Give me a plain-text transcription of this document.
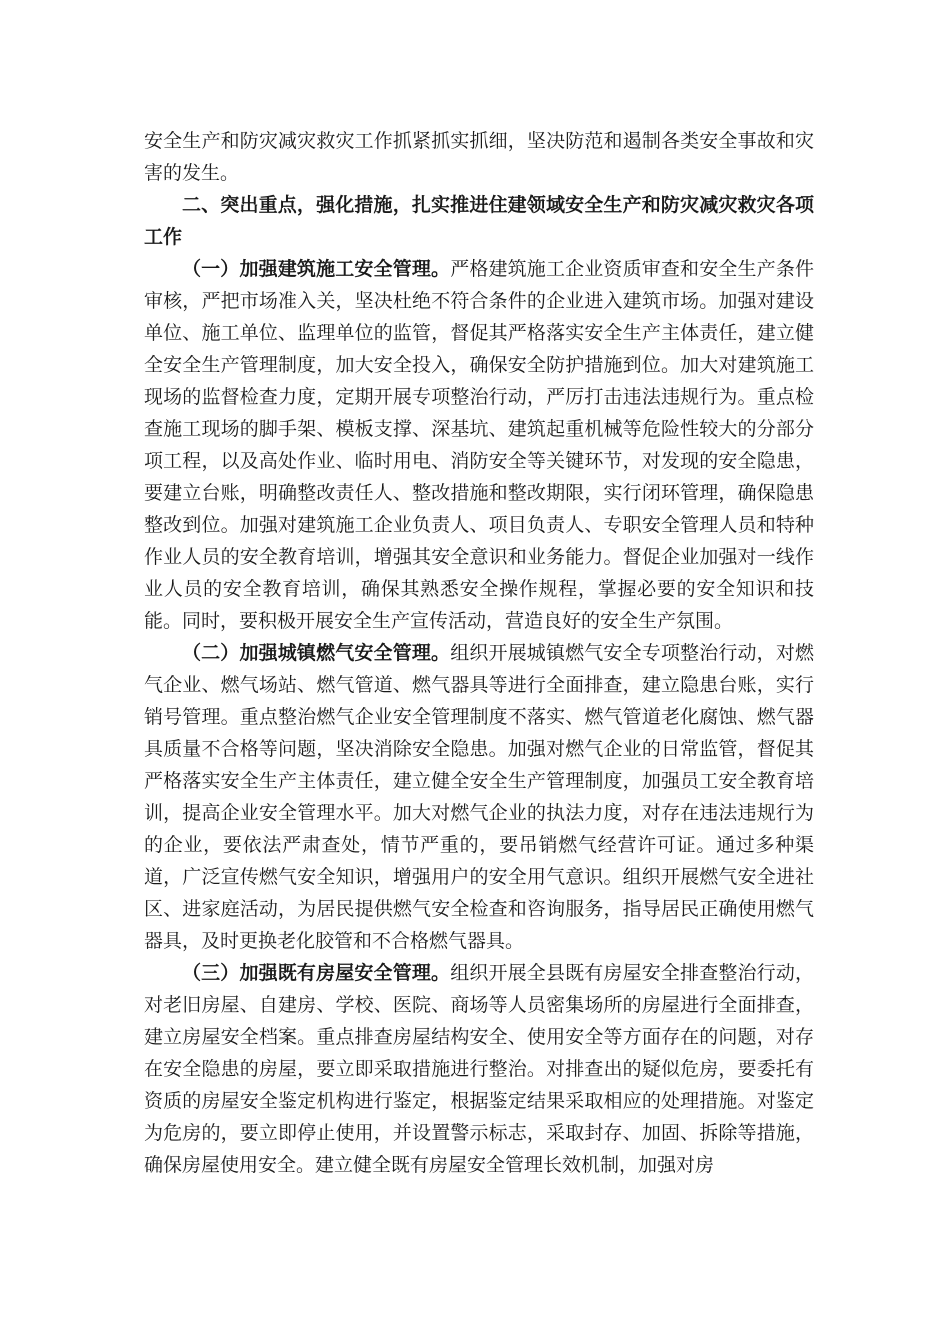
安全生产和防灾减灾救灾工作抓紧抓实抓细，坚决防范和遏制各类安全事故和灾害的发生。

二、突出重点，强化措施，扎实推进住建领域安全生产和防灾减灾救灾各项工作

（一）加强建筑施工安全管理。严格建筑施工企业资质审查和安全生产条件审核，严把市场准入关，坚决杜绝不符合条件的企业进入建筑市场。加强对建设单位、施工单位、监理单位的监管，督促其严格落实安全生产主体责任，建立健全安全生产管理制度，加大安全投入，确保安全防护措施到位。加大对建筑施工现场的监督检查力度，定期开展专项整治行动，严厉打击违法违规行为。重点检查施工现场的脚手架、模板支撑、深基坑、建筑起重机械等危险性较大的分部分项工程，以及高处作业、临时用电、消防安全等关键环节，对发现的安全隐患，要建立台账，明确整改责任人、整改措施和整改期限，实行闭环管理，确保隐患整改到位。加强对建筑施工企业负责人、项目负责人、专职安全管理人员和特种作业人员的安全教育培训，增强其安全意识和业务能力。督促企业加强对一线作业人员的安全教育培训，确保其熟悉安全操作规程，掌握必要的安全知识和技能。同时，要积极开展安全生产宣传活动，营造良好的安全生产氛围。

（二）加强城镇燃气安全管理。组织开展城镇燃气安全专项整治行动，对燃气企业、燃气场站、燃气管道、燃气器具等进行全面排查，建立隐患台账，实行销号管理。重点整治燃气企业安全管理制度不落实、燃气管道老化腐蚀、燃气器具质量不合格等问题，坚决消除安全隐患。加强对燃气企业的日常监管，督促其严格落实安全生产主体责任，建立健全安全生产管理制度，加强员工安全教育培训，提高企业安全管理水平。加大对燃气企业的执法力度，对存在违法违规行为的企业，要依法严肃查处，情节严重的，要吊销燃气经营许可证。通过多种渠道，广泛宣传燃气安全知识，增强用户的安全用气意识。组织开展燃气安全进社区、进家庭活动，为居民提供燃气安全检查和咨询服务，指导居民正确使用燃气器具，及时更换老化胶管和不合格燃气器具。

（三）加强既有房屋安全管理。组织开展全县既有房屋安全排查整治行动，对老旧房屋、自建房、学校、医院、商场等人员密集场所的房屋进行全面排查，建立房屋安全档案。重点排查房屋结构安全、使用安全等方面存在的问题，对存在安全隐患的房屋，要立即采取措施进行整治。对排查出的疑似危房，要委托有资质的房屋安全鉴定机构进行鉴定，根据鉴定结果采取相应的处理措施。对鉴定为危房的，要立即停止使用，并设置警示标志，采取封存、加固、拆除等措施，确保房屋使用安全。建立健全既有房屋安全管理长效机制，加强对房
